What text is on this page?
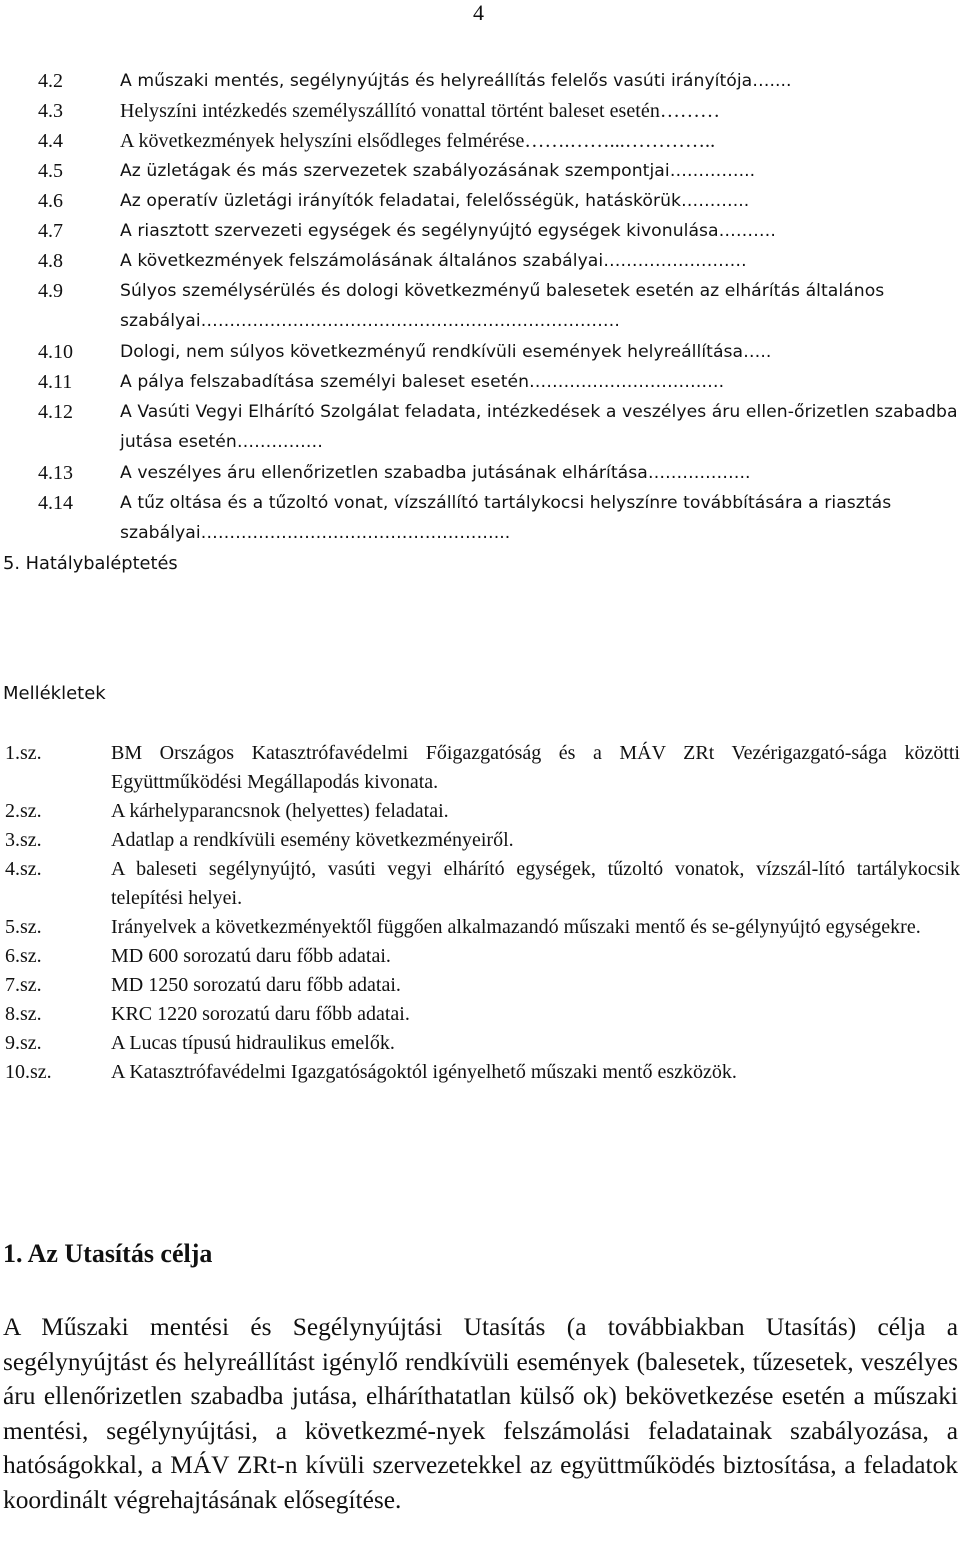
4
4.2	A műszaki mentés, segélynyújtás és helyreállítás felelős vasúti irányítója…....
4.3	Helyszíni intézkedés személyszállító vonattal történt baleset esetén………
4.4	A következmények helyszíni elsődleges felmérése…….……...…………..
4.5	Az üzletágak és más szervezetek szabályozásának szempontjai…………...
4.6	Az operatív üzletági irányítók feladatai, felelősségük, hatáskörük………...
4.7	A riasztott szervezeti egységek és segélynyújtó egységek kivonulása……….
4.8	A következmények felszámolásának általános szabályai…………………….
4.9	Súlyos személysérülés és dologi következményű balesetek esetén az elhárítás általános szabályai……………………………………………………………….
4.10	Dologi, nem súlyos következményű rendkívüli események helyreállítása…..
4.11	A pálya felszabadítása személyi baleset esetén…………………………….
4.12	A Vasúti Vegyi Elhárító Szolgálat feladata, intézkedések a veszélyes áru ellen-őrizetlen szabadba jutása esetén……………
4.13	A veszélyes áru ellenőrizetlen szabadba jutásának elhárítása……….……..
4.14	A tűz oltása és a tűzoltó vonat, vízszállító tartálykocsi helyszínre továbbítására a riasztás szabályai……………………………………………...
5. Hatálybaléptetés
Mellékletek
1.sz.	BM Országos Katasztrófavédelmi Főigazgatóság és a MÁV ZRt Vezérigazgató-sága közötti Együttműködési Megállapodás kivonata.
2.sz.	A kárhelyparancsnok (helyettes) feladatai.
3.sz.	Adatlap a rendkívüli esemény következményeiről.
4.sz.	A baleseti segélynyújtó, vasúti vegyi elhárító egységek, tűzoltó vonatok, vízszál-lító tartálykocsik telepítési helyei.
5.sz.	Irányelvek a következményektől függően alkalmazandó műszaki mentő és se-gélynyújtó egységekre.
6.sz.	MD 600 sorozatú daru főbb adatai.
7.sz.	MD 1250 sorozatú daru főbb adatai.
8.sz.	KRC 1220 sorozatú daru főbb adatai.
9.sz.	A Lucas típusú hidraulikus emelők.
10.sz.	A Katasztrófavédelmi Igazgatóságoktól igényelhető műszaki mentő eszközök.
1. Az Utasítás célja
A Műszaki mentési és Segélynyújtási Utasítás (a továbbiakban Utasítás) célja a segélynyújtást és helyreállítást igénylő rendkívüli események (balesetek, tűzesetek, veszélyes áru ellenőrizetlen szabadba jutása, elháríthatatlan külső ok) bekövetkezése esetén a műszaki mentési, segélynyújtási, a következmé-nyek felszámolási feladatainak szabályozása, a hatóságokkal, a MÁV ZRt-n kívüli szervezetekkel az együttműködés biztosítása, a feladatok koordinált végrehajtásának elősegítése.
